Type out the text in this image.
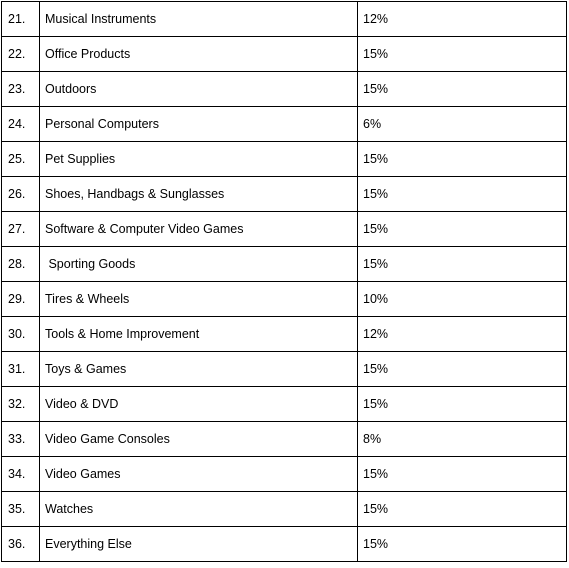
21.	Musical Instruments	12%
22.	Office Products	15%
23.	Outdoors	15%
24.	Personal Computers	6%
25.	Pet Supplies	15%
26.	Shoes, Handbags & Sunglasses	15%
27.	Software & Computer Video Games	15%
28.	Sporting Goods	15%
29.	Tires & Wheels	10%
30.	Tools & Home Improvement	12%
31.	Toys & Games	15%
32.	Video & DVD	15%
33.	Video Game Consoles	8%
34.	Video Games	15%
35.	Watches	15%
36.	Everything Else	15%
